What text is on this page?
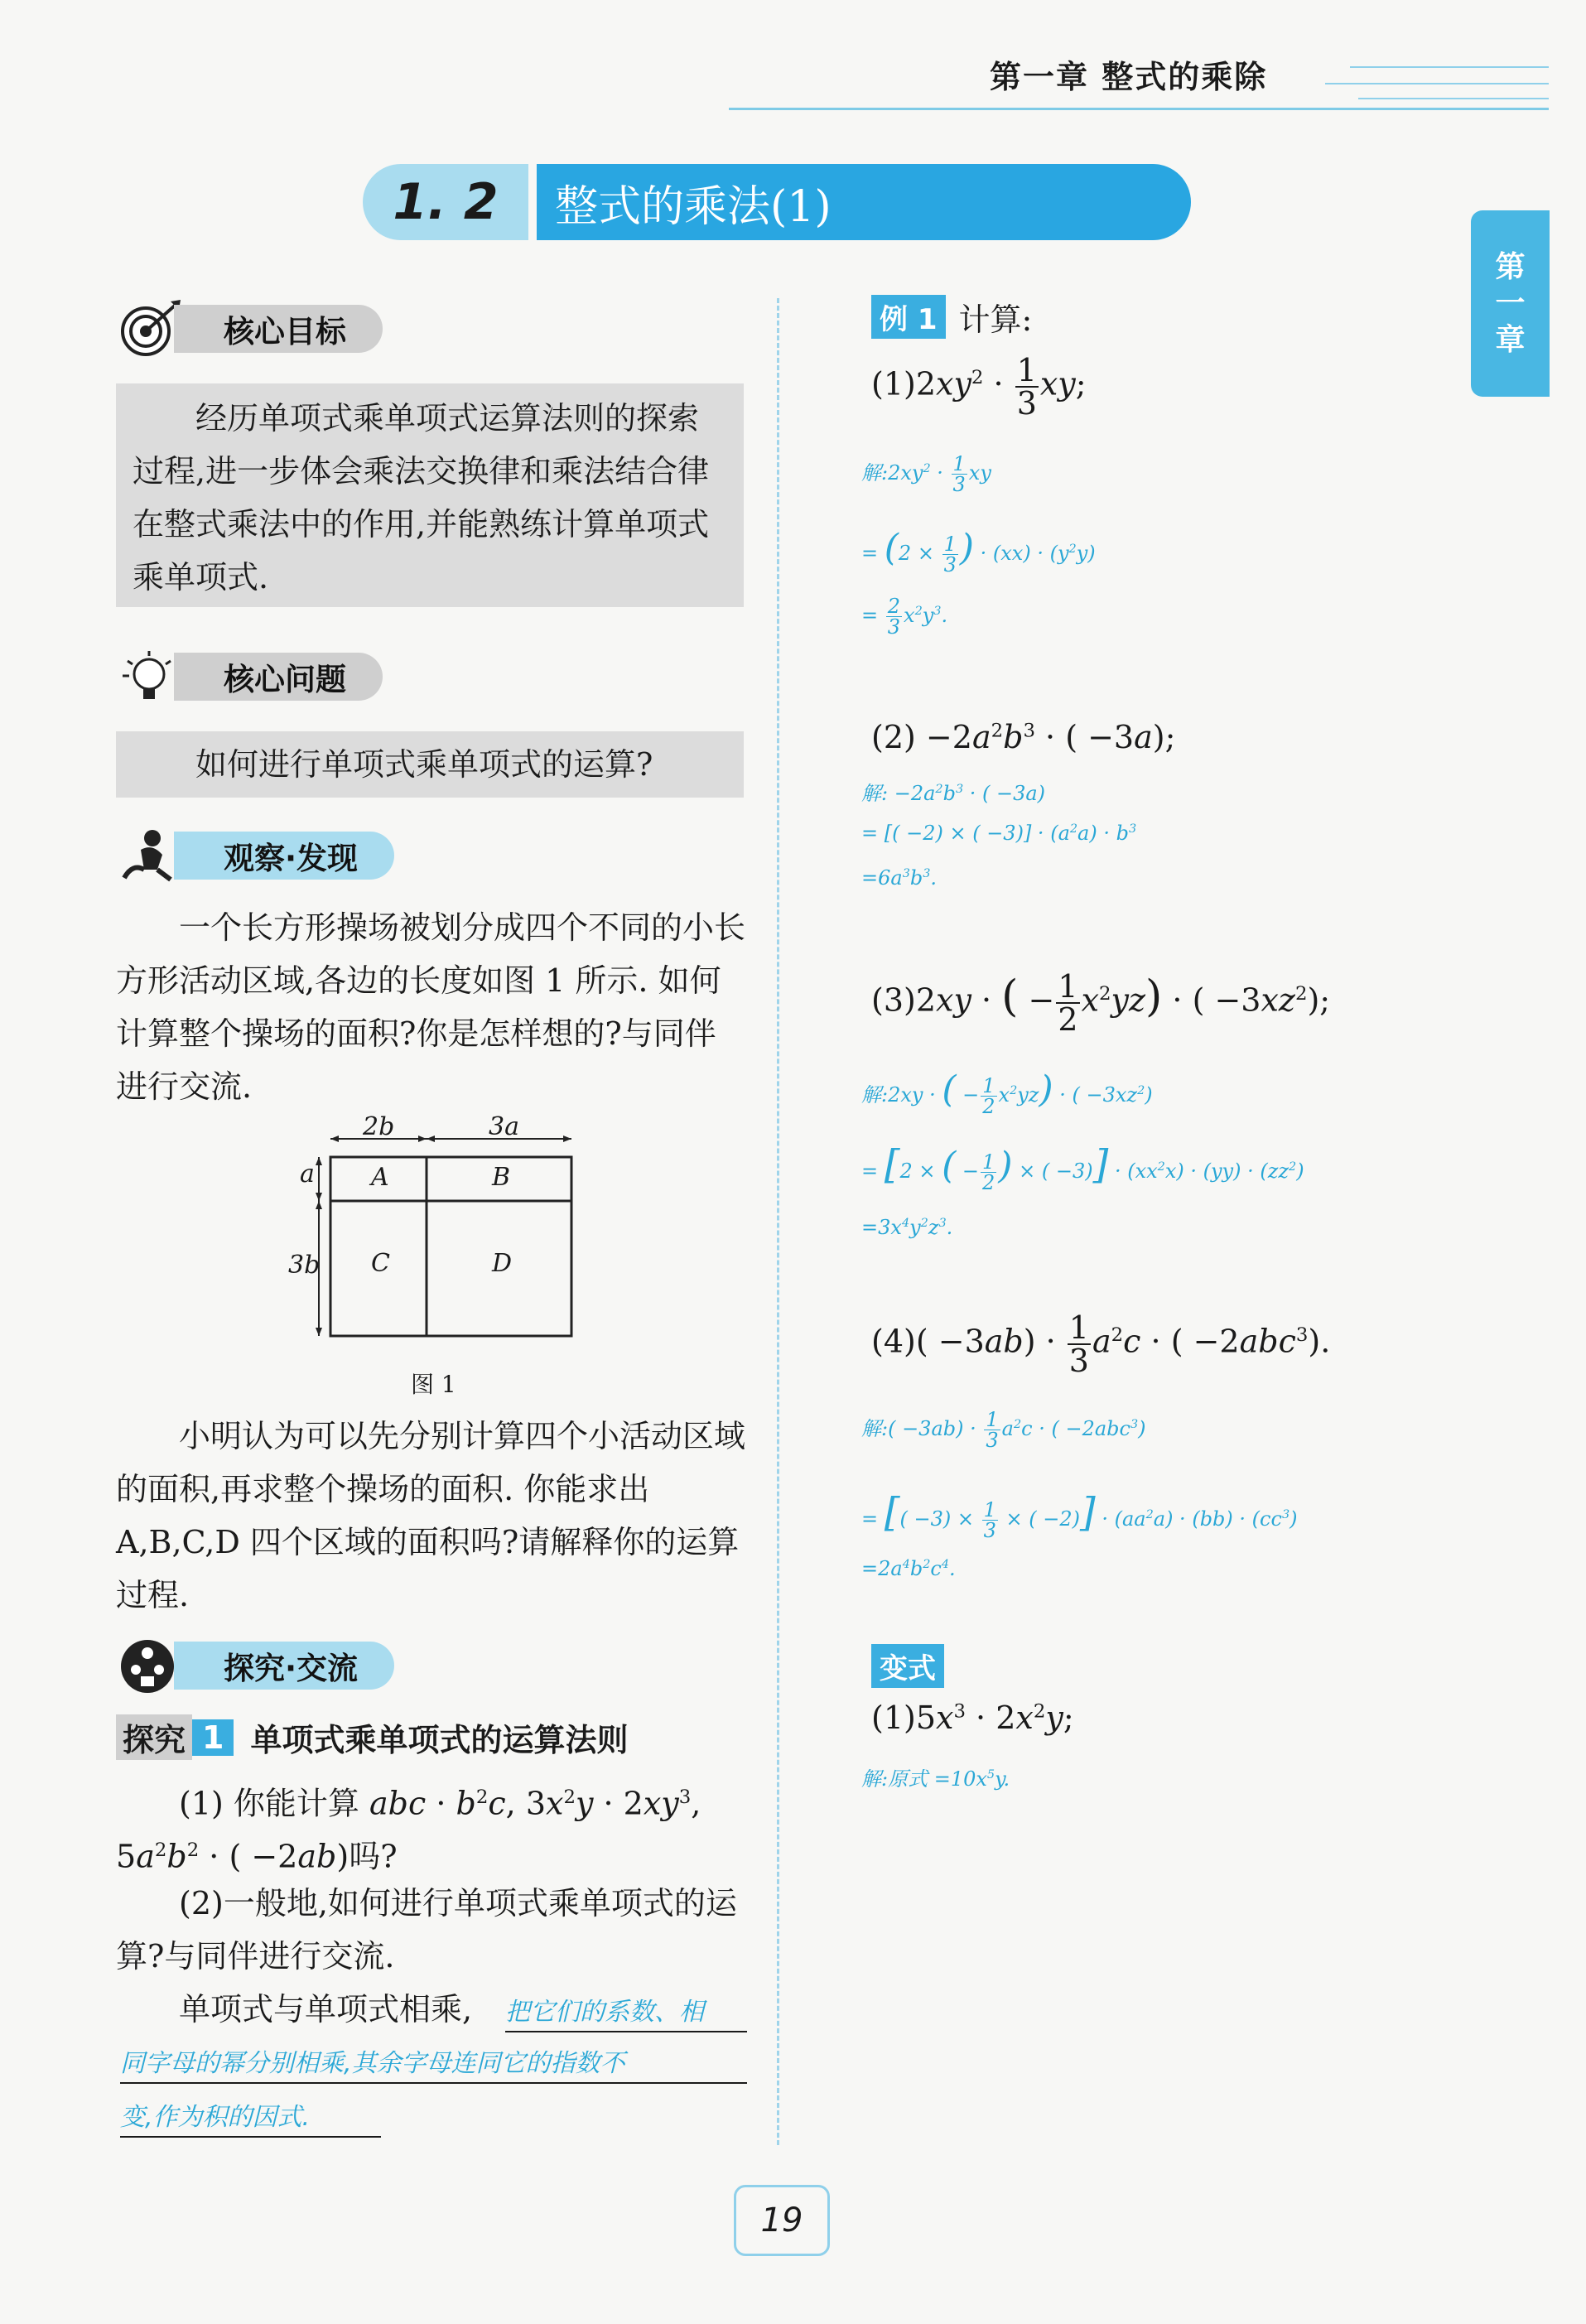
第一章 整式的乘除
第
一
章
1. 2	整式的乘法(1)
核心目标
经历单项式乘单项式运算法则的探索过程,进一步体会乘法交换律和乘法结合律在整式乘法中的作用,并能熟练计算单项式乘单项式.
核心问题
如何进行单项式乘单项式的运算?
观察·发现
一个长方形操场被划分成四个不同的小长方形活动区域,各边的长度如图 1 所示. 如何计算整个操场的面积?你是怎样想的?与同伴进行交流.
2b	3a
a
3b
A	B
C	D
图 1
小明认为可以先分别计算四个小活动区域的面积,再求整个操场的面积. 你能求出 A,B,C,D 四个区域的面积吗?请解释你的运算过程.
探究·交流
探究 1 单项式乘单项式的运算法则
(1) 你能计算 abc · $b^2c$, $3x^2y \cdot 2xy^3$,
$5a^2b^2$ · ( −2ab)吗?
(2)一般地,如何进行单项式乘单项式的运算?与同伴进行交流.
单项式与单项式相乘, 把它们的系数、相
同字母的幂分别相乘,其余字母连同它的指数不
变,作为积的因式.
例 1 计算:
$(1)2xy^2 \cdot \frac{1}{3}$ xy;
解$:2xy^2 \cdot \frac{1}{3}$ xy
= ($2 \times \frac{1}{3}$ ) · $(xx) \cdot (y^2y)$
= $\frac{2}{3} x^2y^3$.
$(2) -2a^2b^3$ · ( −3a);
解: $-2a^2b^3$ · ( −3a)
= [( −2) × ( $-3)] \cdot (a^2a) \cdot b^3$
$=6a^3b^3$.
(3)2xy · ( − $\frac{1}{2} x^2yz$) · ( $-3xz^2$);
解:2xy · ( − $\frac{1}{2} x^2yz$) · ( $-3xz^2$)
= [2 × ( − $\frac{1}{2}$ ) × ( $-3)] \cdot (xx^2x) \cdot (yy) \cdot (zz^2)$
$=3x^4y^2z^3$.
$(4)( -3ab) \cdot \frac{1}{3} a^2c$ · ( −2abc$^3$).
解:( $-3ab) \cdot \frac{1}{3} a^2c$ · ( −2abc$^3$)
= [( $-3) \times \frac{1}{3}$ × ( $-2)] \cdot (aa^2a) \cdot (bb) \cdot (cc^3)$
$=2a^4b^2c^4$.
变式
$(1)5x^3 \cdot 2x^2y$;
解:原式 $=10x^5y$.
19
